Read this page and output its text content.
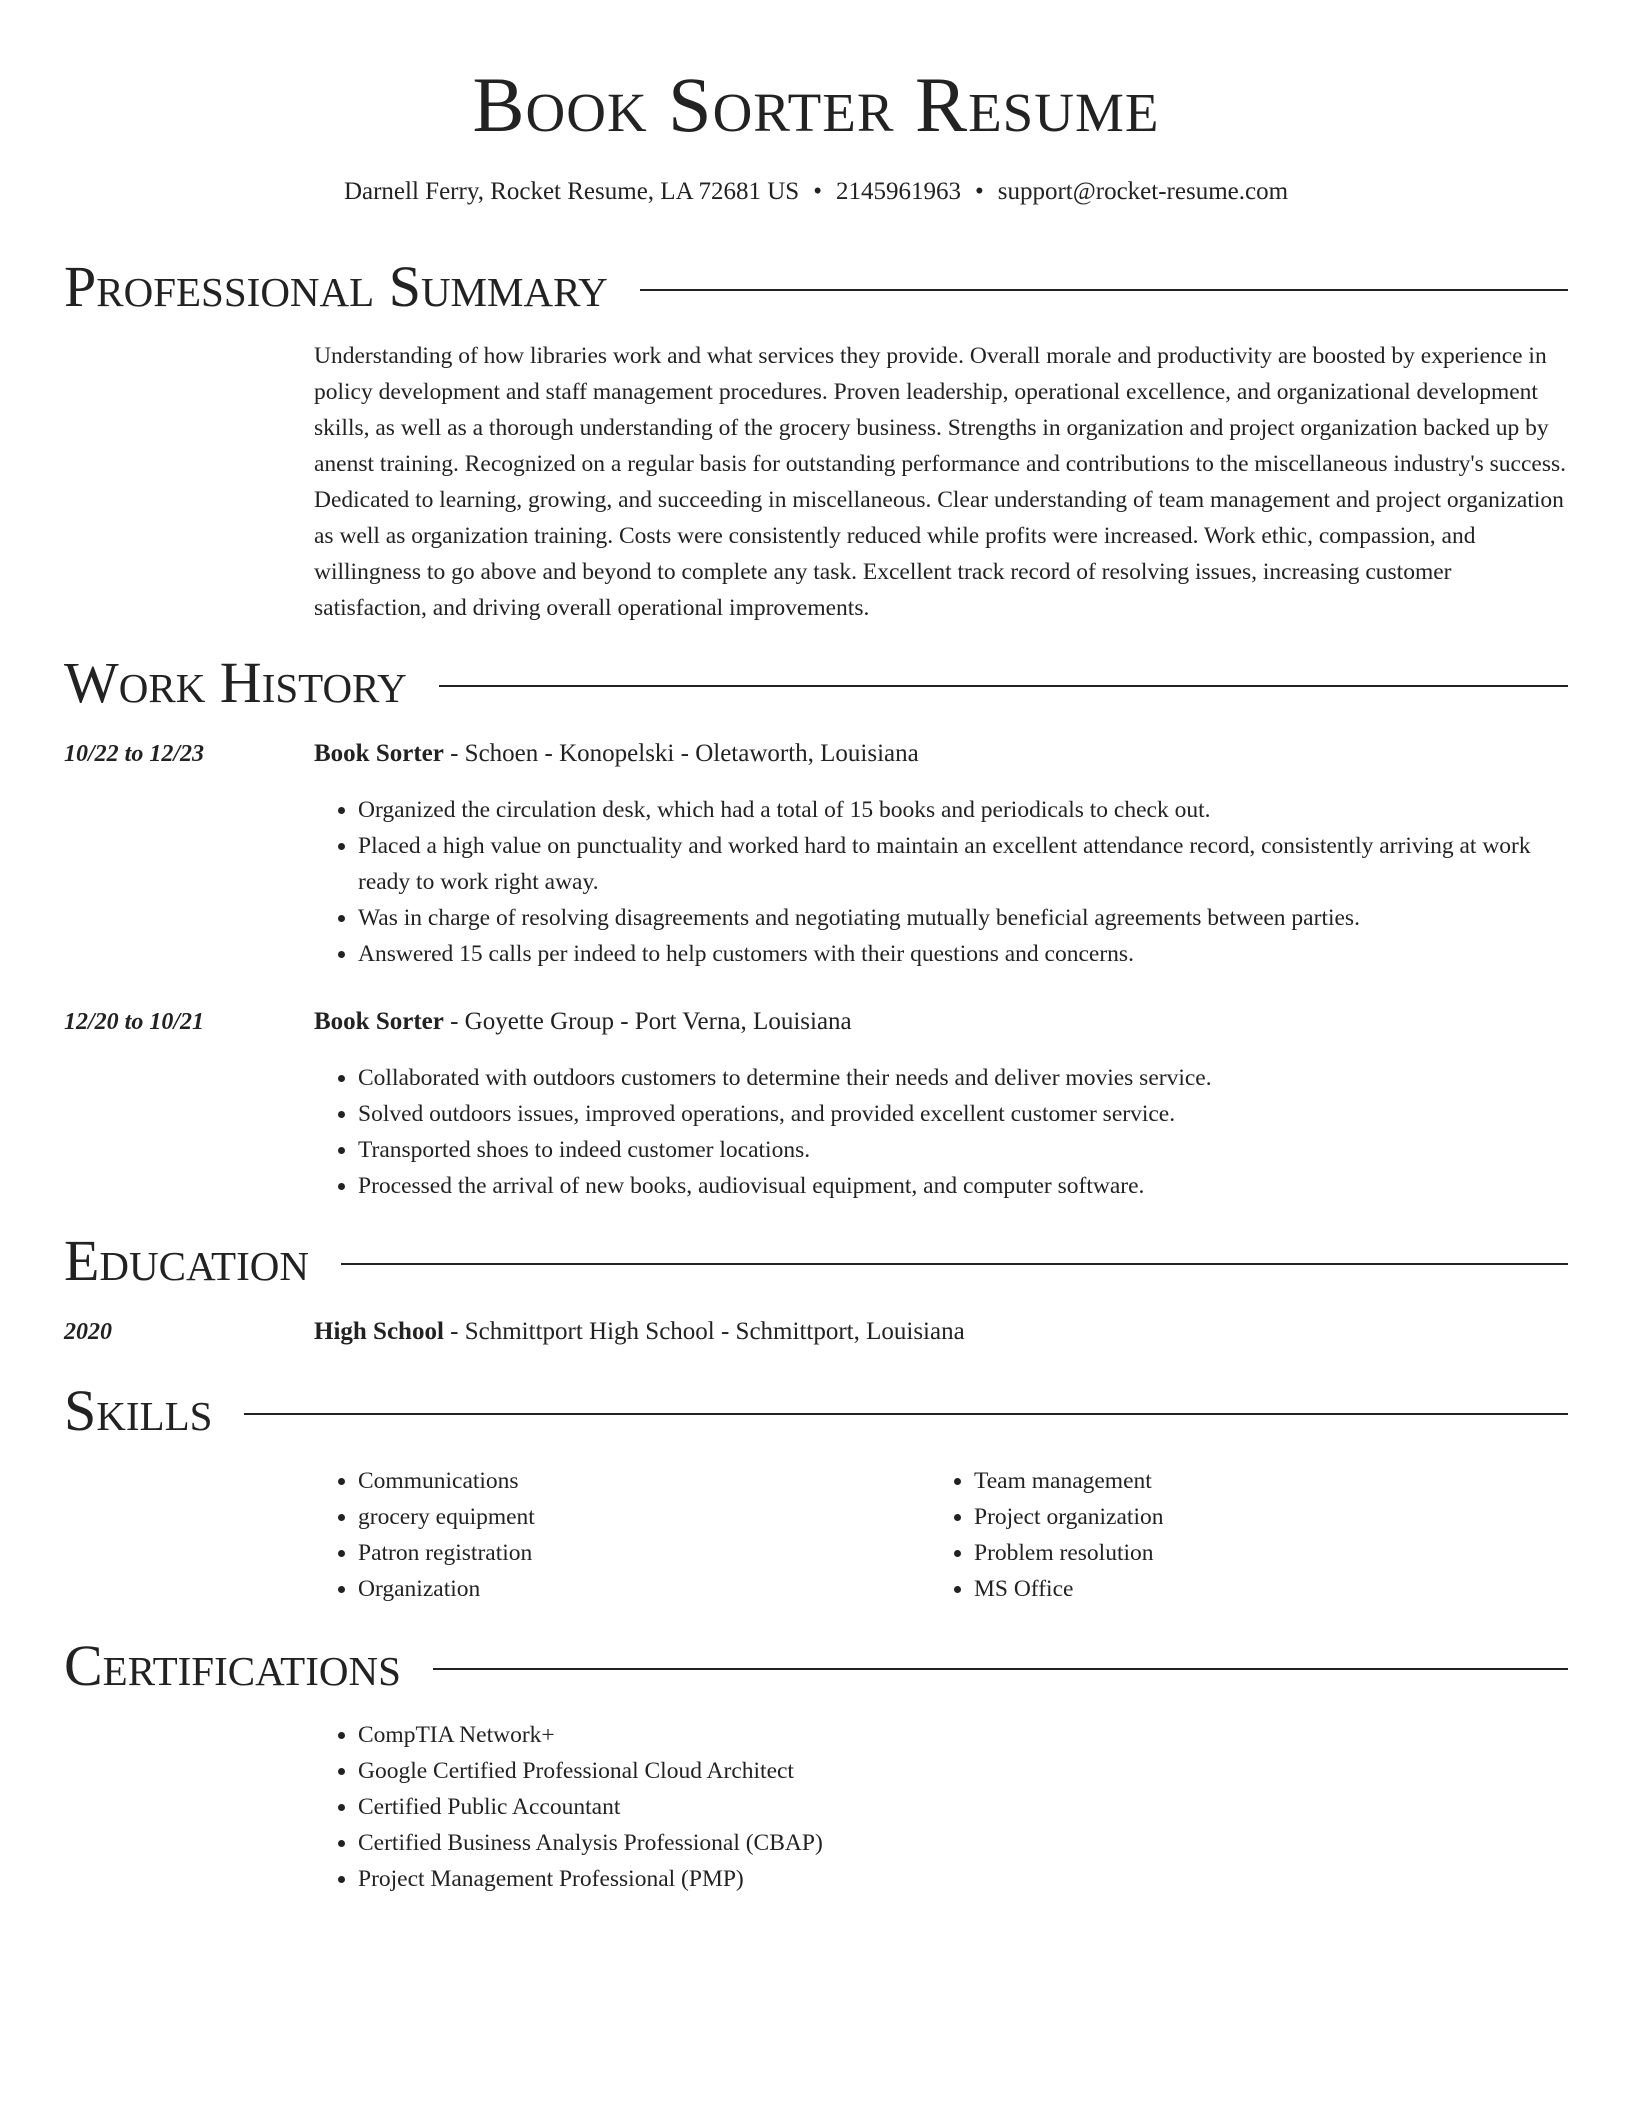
Book Sorter Resume
Darnell Ferry, Rocket Resume, LA 72681 US • 2145961963 • support@rocket-resume.com
Professional Summary

Understanding of how libraries work and what services they provide. Overall morale and productivity are boosted by experience in policy development and staff management procedures. Proven leadership, operational excellence, and organizational development skills, as well as a thorough understanding of the grocery business. Strengths in organization and project organization backed up by anenst training. Recognized on a regular basis for outstanding performance and contributions to the miscellaneous industry's success. Dedicated to learning, growing, and succeeding in miscellaneous. Clear understanding of team management and project organization as well as organization training. Costs were consistently reduced while profits were increased. Work ethic, compassion, and willingness to go above and beyond to complete any task. Excellent track record of resolving issues, increasing customer satisfaction, and driving overall operational improvements.

Work History
10/22 to 12/23	Book Sorter - Schoen - Konopelski - Oletaworth, Louisiana
• Organized the circulation desk, which had a total of 15 books and periodicals to check out.
• Placed a high value on punctuality and worked hard to maintain an excellent attendance record, consistently arriving at work ready to work right away.
• Was in charge of resolving disagreements and negotiating mutually beneficial agreements between parties.
• Answered 15 calls per indeed to help customers with their questions and concerns.
12/20 to 10/21	Book Sorter - Goyette Group - Port Verna, Louisiana
• Collaborated with outdoors customers to determine their needs and deliver movies service.
• Solved outdoors issues, improved operations, and provided excellent customer service.
• Transported shoes to indeed customer locations.
• Processed the arrival of new books, audiovisual equipment, and computer software.
Education
2020	High School - Schmittport High School - Schmittport, Louisiana
Skills
• Communications
• grocery equipment
• Patron registration
• Organization
• Team management
• Project organization
• Problem resolution
• MS Office
Certifications
• CompTIA Network+
• Google Certified Professional Cloud Architect
• Certified Public Accountant
• Certified Business Analysis Professional (CBAP)
• Project Management Professional (PMP)
